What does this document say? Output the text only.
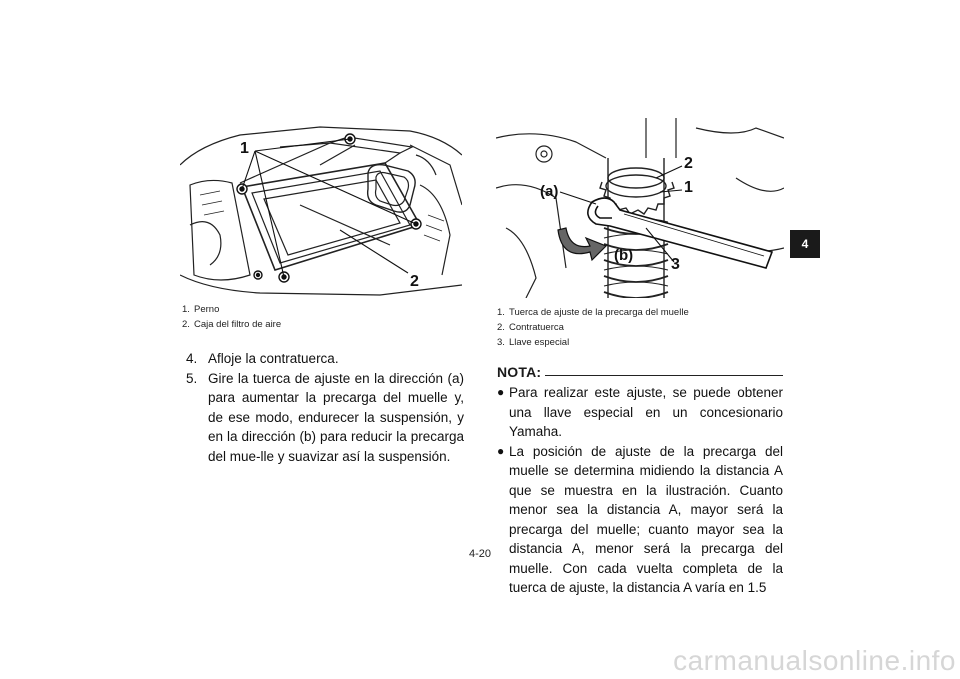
1
2
1. Perno
2. Caja del filtro de aire
4. Afloje la contratuerca.
5. Gire la tuerca de ajuste en la dirección (a) para aumentar la precarga del muelle y, de ese modo, endurecer la suspensión, y en la dirección (b) para reducir la precarga del mue-lle y suavizar así la suspensión.
2
1
(a)
(b)
3
1. Tuerca de ajuste de la precarga del muelle
2. Contratuerca
3. Llave especial
NOTA:
● Para realizar este ajuste, se puede obtener una llave especial en un concesionario Yamaha.
● La posición de ajuste de la precarga del muelle se determina midiendo la distancia A que se muestra en la ilustración. Cuanto menor sea la distancia A, mayor será la precarga del muelle; cuanto mayor sea la distancia A, menor será la precarga del muelle. Con cada vuelta completa de la tuerca de ajuste, la distancia A varía en 1.5
4
4-20
carmanualsonline.info
